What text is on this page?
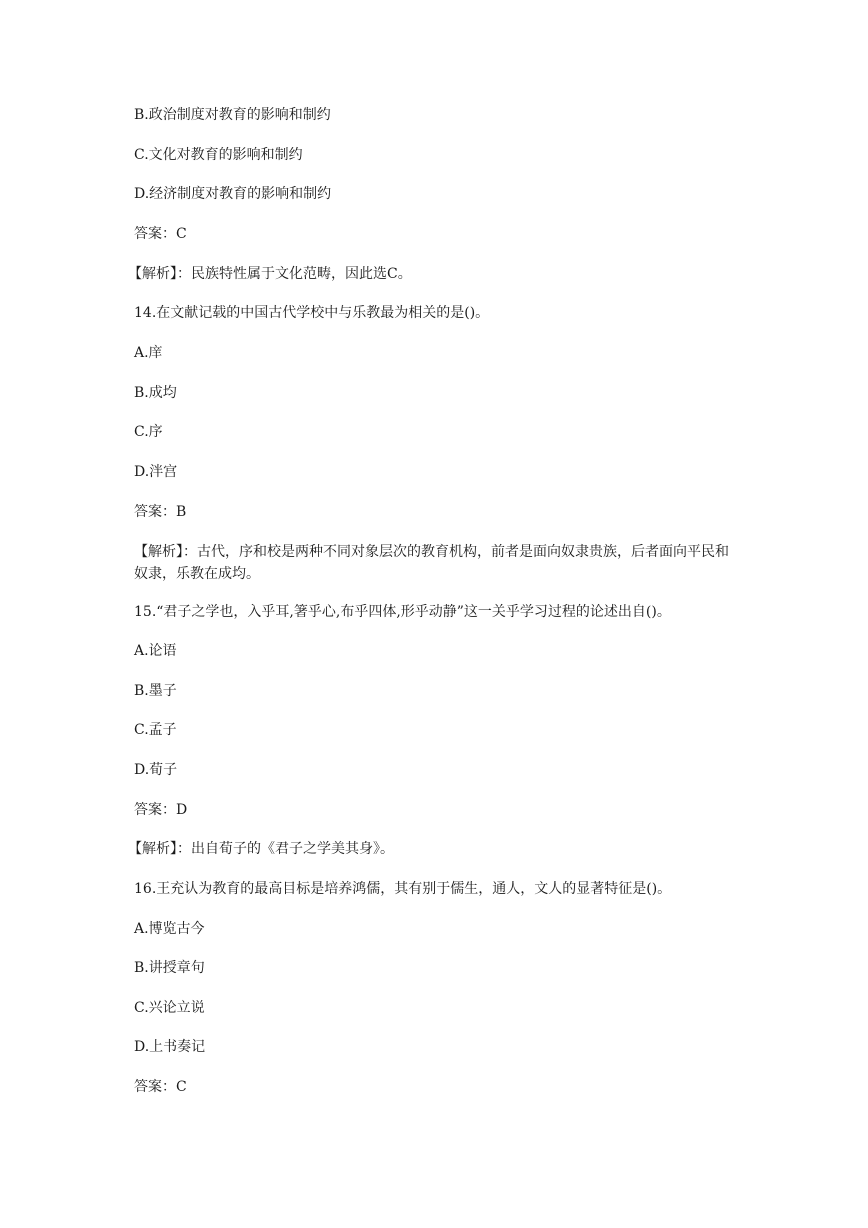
B.政治制度对教育的影响和制约
C.文化对教育的影响和制约
D.经济制度对教育的影响和制约
答案：C
【解析】：民族特性属于文化范畴，因此选C。
14.在文献记载的中国古代学校中与乐教最为相关的是()。
A.庠
B.成均
C.序
D.泮宫
答案：B
【解析】：古代，序和校是两种不同对象层次的教育机构，前者是面向奴隶贵族，后者面向平民和奴隶，乐教在成均。
15.“君子之学也，入乎耳,箸乎心,布乎四体,形乎动静”这一关乎学习过程的论述出自()。
A.论语
B.墨子
C.孟子
D.荀子
答案：D
【解析】：出自荀子的《君子之学美其身》。
16.王充认为教育的最高目标是培养鸿儒，其有别于儒生，通人，文人的显著特征是()。
A.博览古今
B.讲授章句
C.兴论立说
D.上书奏记
答案：C
